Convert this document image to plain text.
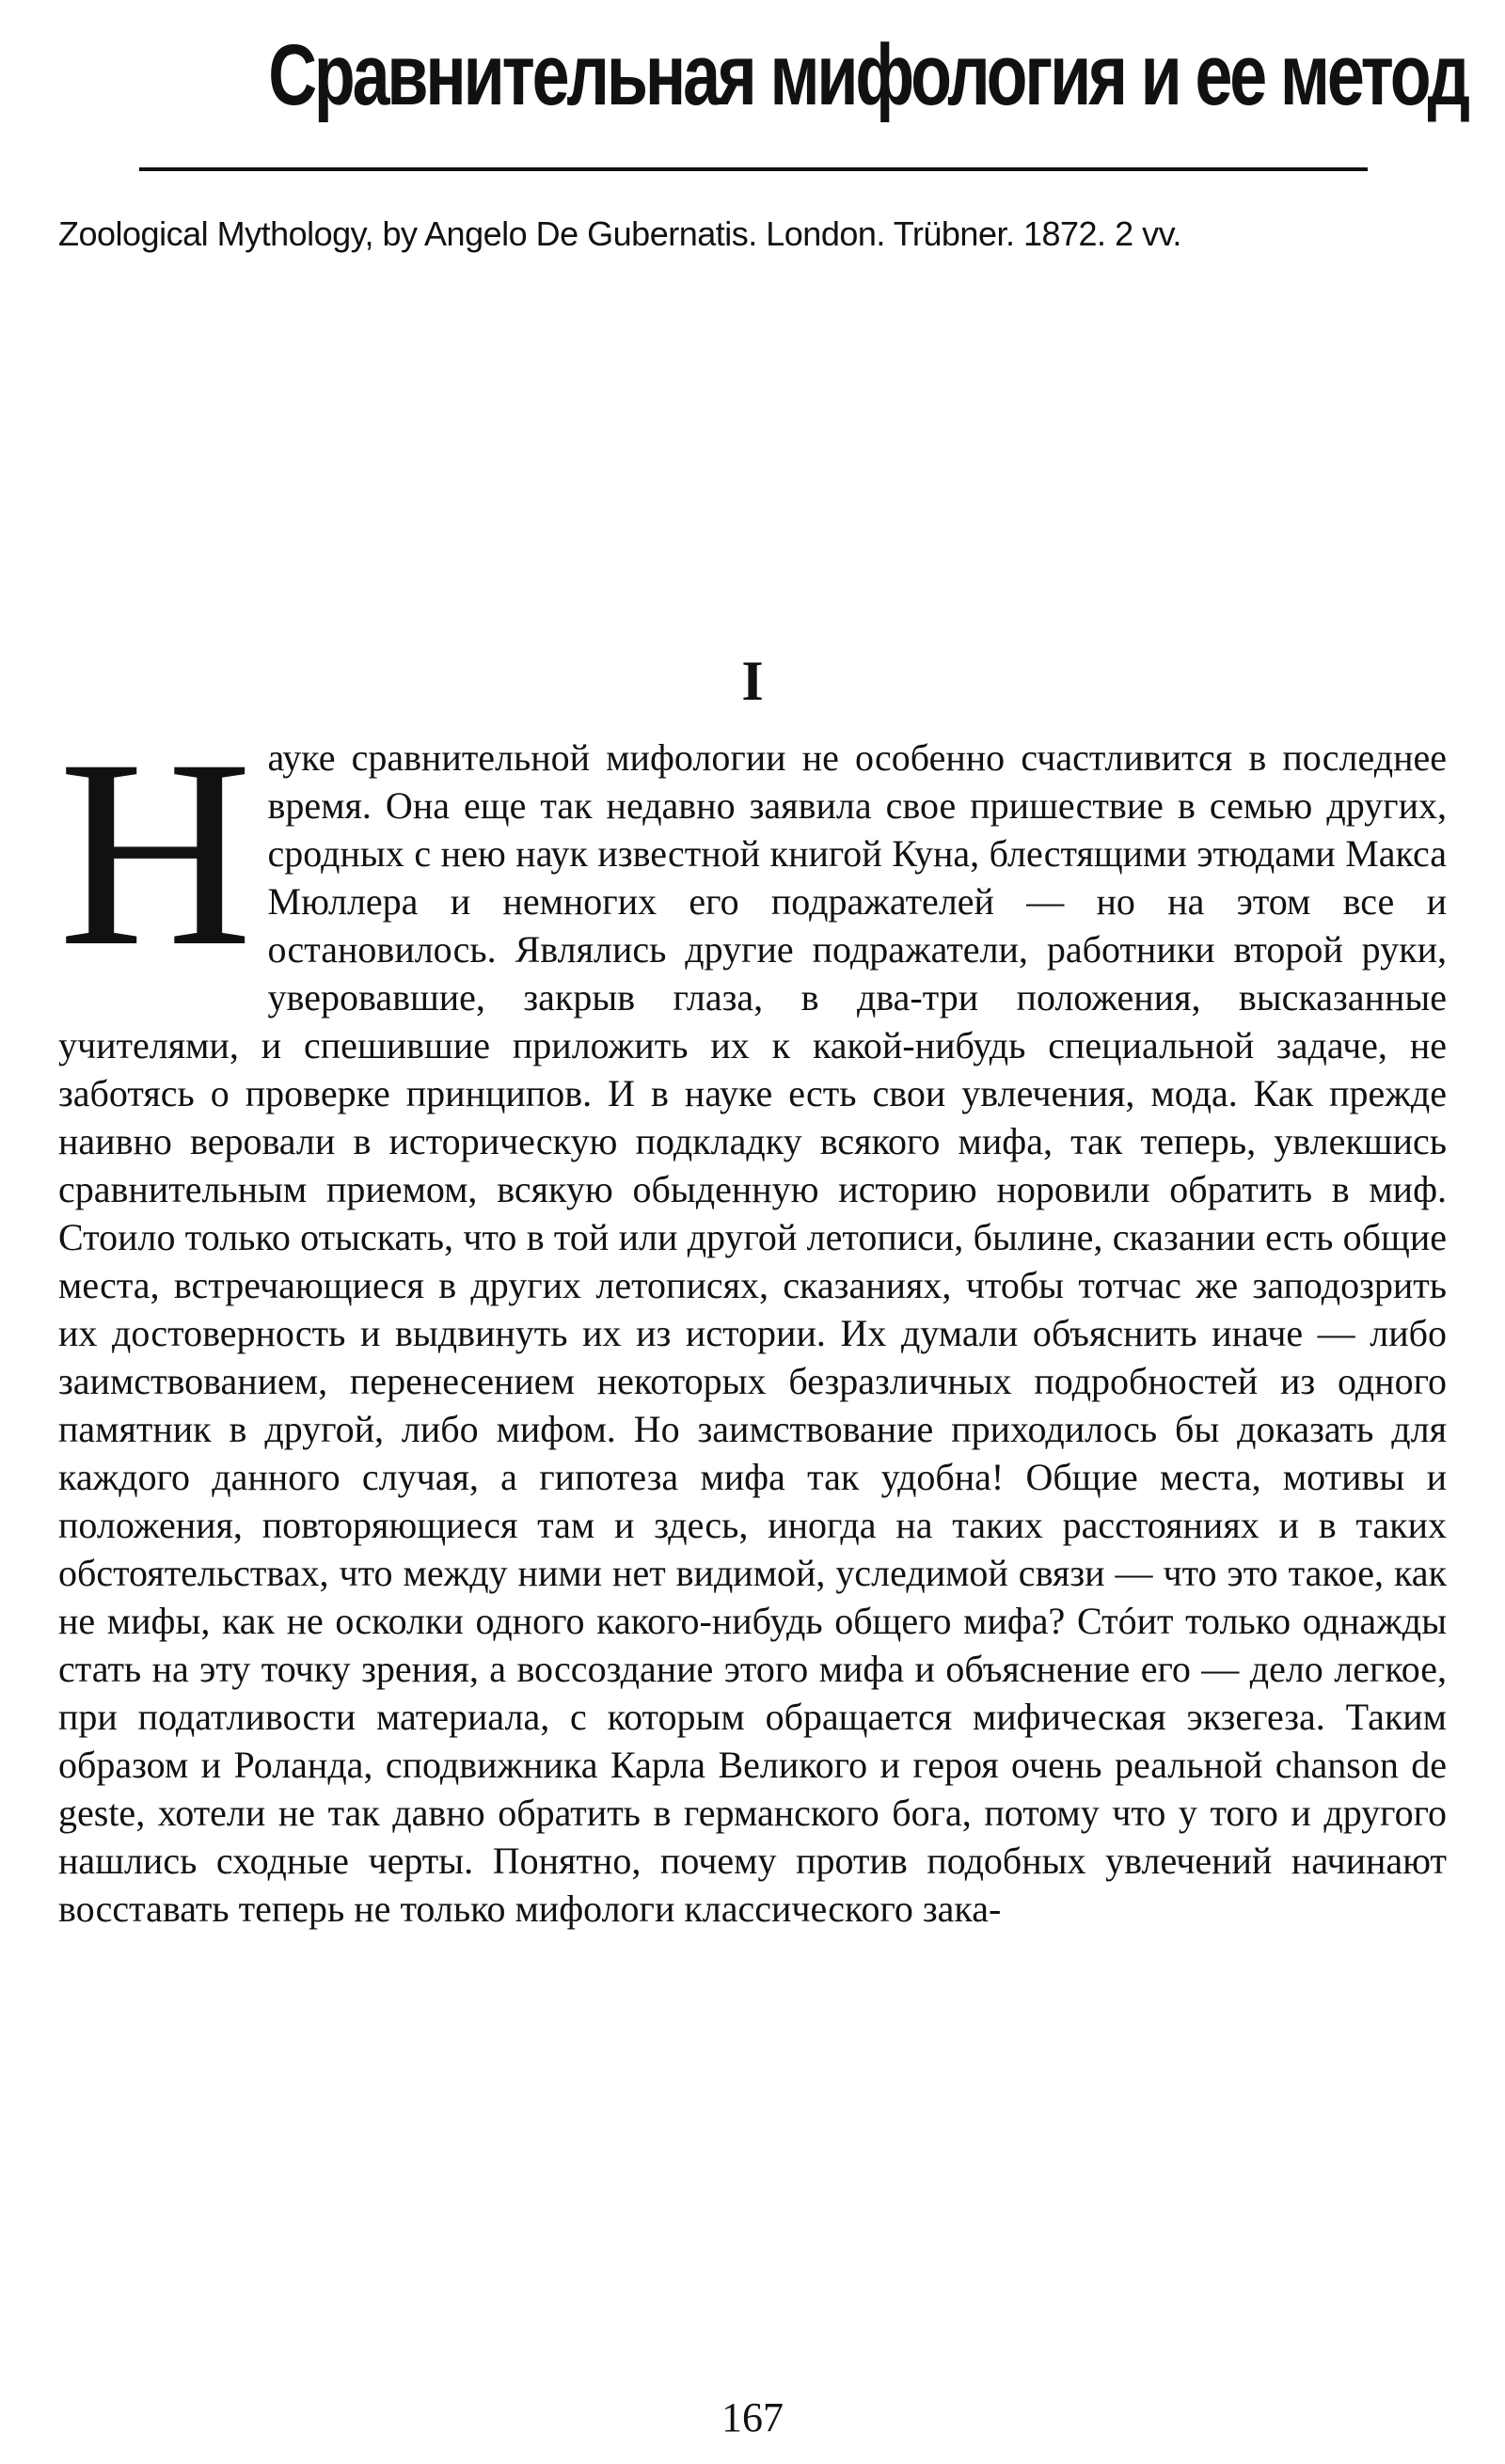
Сравнительная мифология и ее метод

Zoological Mythology, by Angelo De Gubernatis. London. Trübner. 1872. 2 vv.

I

Науке сравнительной мифологии не особенно счастливится в последнее время. Она еще так недавно заявила свое пришествие в семью других, сродных с нею наук известной книгой Куна, блестящими этюдами Макса Мюллера и немногих его подражателей — но на этом все и остановилось. Являлись другие подражатели, работники второй руки, уверовавшие, закрыв глаза, в два-три положения, высказанные учителями, и спешившие приложить их к какой-нибудь специальной задаче, не заботясь о проверке принципов. И в науке есть свои увлечения, мода. Как прежде наивно веровали в историческую подкладку всякого мифа, так теперь, увлекшись сравнительным приемом, всякую обыденную историю норовили обратить в миф. Стоило только отыскать, что в той или другой летописи, былине, сказании есть общие места, встречающиеся в других летописях, сказаниях, чтобы тотчас же заподозрить их достоверность и выдвинуть их из истории. Их думали объяснить иначе — либо заимствованием, перенесением некоторых безразличных подробностей из одного памятник в другой, либо мифом. Но заимствование приходилось бы доказать для каждого данного случая, а гипотеза мифа так удобна! Общие места, мотивы и положения, повторяющиеся там и здесь, иногда на таких расстояниях и в таких обстоятельствах, что между ними нет видимой, уследимой связи — что это такое, как не мифы, как не осколки одного какого-нибудь общего мифа? Стóит только однажды стать на эту точку зрения, а воссоздание этого мифа и объяснение его — дело легкое, при податливости материала, с которым обращается мифическая экзегеза. Таким образом и Роланда, сподвижника Карла Великого и героя очень реальной chanson de geste, хотели не так давно обратить в германского бога, потому что у того и другого нашлись сходные черты. Понятно, почему против подобных увлечений начинают восставать теперь не только мифологи классического зака-

167
